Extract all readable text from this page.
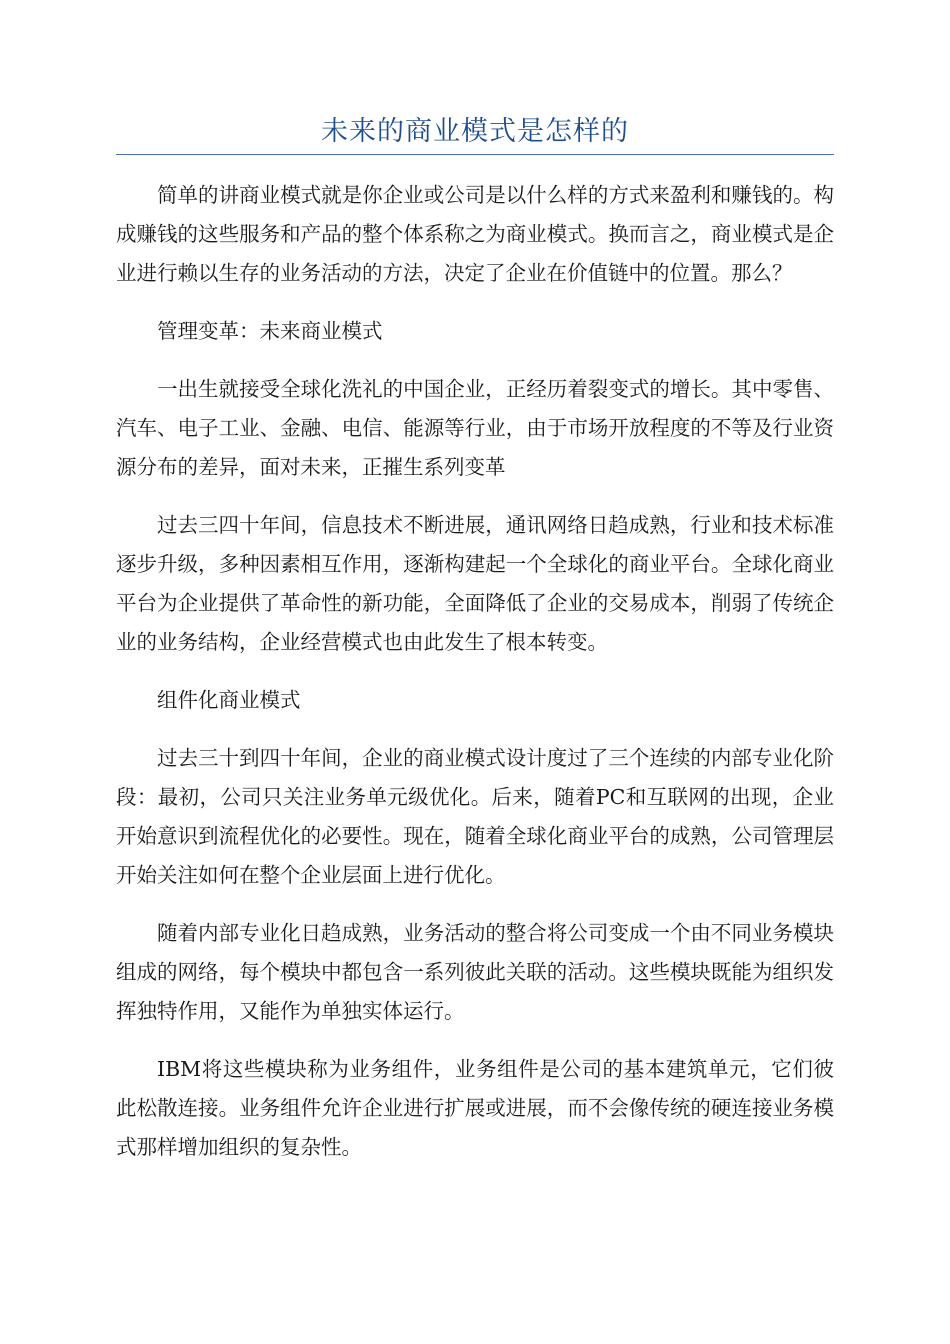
未来的商业模式是怎样的

简单的讲商业模式就是你企业或公司是以什么样的方式来盈利和赚钱的。构成赚钱的这些服务和产品的整个体系称之为商业模式。换而言之，商业模式是企业进行赖以生存的业务活动的方法，决定了企业在价值链中的位置。那么？

管理变革：未来商业模式

一出生就接受全球化洗礼的中国企业，正经历着裂变式的增长。其中零售、汽车、电子工业、金融、电信、能源等行业，由于市场开放程度的不等及行业资源分布的差异，面对未来，正摧生系列变革

过去三四十年间，信息技术不断进展，通讯网络日趋成熟，行业和技术标准逐步升级，多种因素相互作用，逐渐构建起一个全球化的商业平台。全球化商业平台为企业提供了革命性的新功能，全面降低了企业的交易成本，削弱了传统企业的业务结构，企业经营模式也由此发生了根本转变。

组件化商业模式

过去三十到四十年间，企业的商业模式设计度过了三个连续的内部专业化阶段：最初，公司只关注业务单元级优化。后来，随着PC和互联网的出现，企业开始意识到流程优化的必要性。现在，随着全球化商业平台的成熟，公司管理层开始关注如何在整个企业层面上进行优化。

随着内部专业化日趋成熟，业务活动的整合将公司变成一个由不同业务模块组成的网络，每个模块中都包含一系列彼此关联的活动。这些模块既能为组织发挥独特作用，又能作为单独实体运行。

IBM将这些模块称为业务组件，业务组件是公司的基本建筑单元，它们彼此松散连接。业务组件允许企业进行扩展或进展，而不会像传统的硬连接业务模式那样增加组织的复杂性。
